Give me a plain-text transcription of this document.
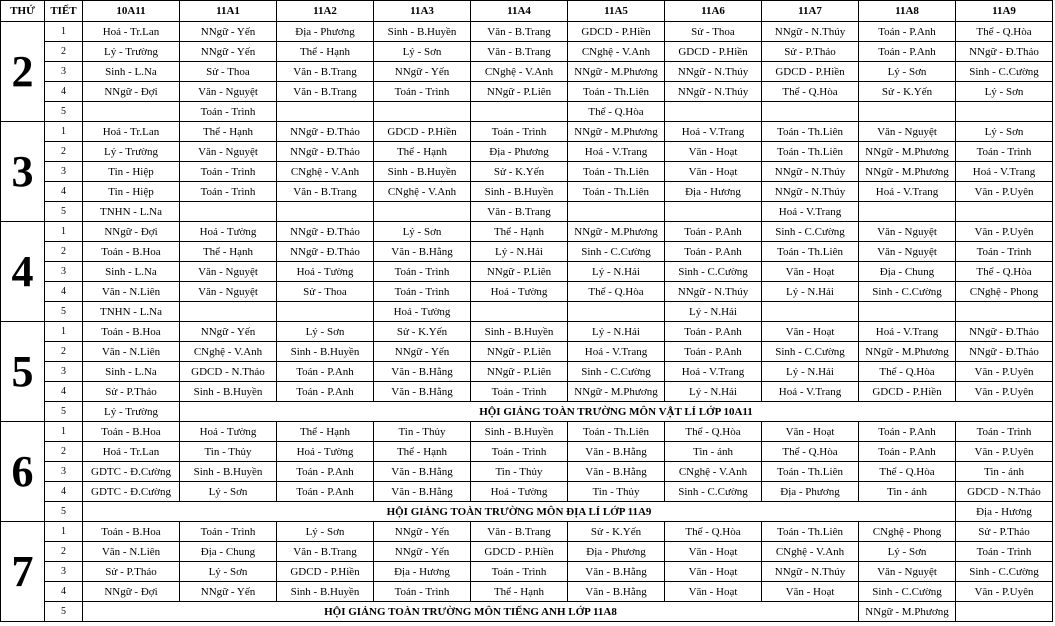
THỨ	TIẾT	10A11	11A1	11A2	11A3	11A4	11A5	11A6	11A7	11A8	11A9
2	1	Hoá - Tr.Lan	NNgữ - Yến	Địa - Phương	Sinh - B.Huyền	Văn - B.Trang	GDCD - P.Hiền	Sử - Thoa	NNgữ - N.Thúy	Toán - P.Anh	Thể - Q.Hòa
	2	Lý - Trường	NNgữ - Yến	Thể - Hạnh	Lý - Sơn	Văn - B.Trang	CNghệ - V.Anh	GDCD - P.Hiền	Sử - P.Thảo	Toán - P.Anh	NNgữ - Đ.Thảo
	3	Sinh - L.Na	Sử - Thoa	Văn - B.Trang	NNgữ - Yến	CNghệ - V.Anh	NNgữ - M.Phương	NNgữ - N.Thúy	GDCD - P.Hiền	Lý - Sơn	Sinh - C.Cường
	4	NNgữ - Đợi	Văn - Nguyệt	Văn - B.Trang	Toán - Trình	NNgữ - P.Liên	Toán - Th.Liên	NNgữ - N.Thúy	Thể - Q.Hòa	Sử - K.Yến	Lý - Sơn
	5		Toán - Trình				Thể - Q.Hòa				
3	1	Hoá - Tr.Lan	Thể - Hạnh	NNgữ - Đ.Thảo	GDCD - P.Hiền	Toán - Trình	NNgữ - M.Phương	Hoá - V.Trang	Toán - Th.Liên	Văn - Nguyệt	Lý - Sơn
	2	Lý - Trường	Văn - Nguyệt	NNgữ - Đ.Thảo	Thể - Hạnh	Địa - Phương	Hoá - V.Trang	Văn - Hoạt	Toán - Th.Liên	NNgữ - M.Phương	Toán - Trình
	3	Tin - Hiệp	Toán - Trình	CNghệ - V.Anh	Sinh - B.Huyền	Sử - K.Yến	Toán - Th.Liên	Văn - Hoạt	NNgữ - N.Thúy	NNgữ - M.Phương	Hoá - V.Trang
	4	Tin - Hiệp	Toán - Trình	Văn - B.Trang	CNghệ - V.Anh	Sinh - B.Huyền	Toán - Th.Liên	Địa - Hương	NNgữ - N.Thúy	Hoá - V.Trang	Văn - P.Uyên
	5	TNHN - L.Na				Văn - B.Trang			Hoá - V.Trang		
4	1	NNgữ - Đợi	Hoá - Tường	NNgữ - Đ.Thảo	Lý - Sơn	Thể - Hạnh	NNgữ - M.Phương	Toán - P.Anh	Sinh - C.Cường	Văn - Nguyệt	Văn - P.Uyên
	2	Toán - B.Hoa	Thể - Hạnh	NNgữ - Đ.Thảo	Văn - B.Hằng	Lý - N.Hải	Sinh - C.Cường	Toán - P.Anh	Toán - Th.Liên	Văn - Nguyệt	Toán - Trình
	3	Sinh - L.Na	Văn - Nguyệt	Hoá - Tường	Toán - Trình	NNgữ - P.Liên	Lý - N.Hải	Sinh - C.Cường	Văn - Hoạt	Địa - Chung	Thể - Q.Hòa
	4	Văn - N.Liên	Văn - Nguyệt	Sử - Thoa	Toán - Trình	Hoá - Tường	Thể - Q.Hòa	NNgữ - N.Thúy	Lý - N.Hải	Sinh - C.Cường	CNghệ - Phong
	5	TNHN - L.Na			Hoá - Tường			Lý - N.Hải			
5	1	Toán - B.Hoa	NNgữ - Yến	Lý - Sơn	Sử - K.Yến	Sinh - B.Huyền	Lý - N.Hải	Toán - P.Anh	Văn - Hoạt	Hoá - V.Trang	NNgữ - Đ.Thảo
	2	Văn - N.Liên	CNghệ - V.Anh	Sinh - B.Huyền	NNgữ - Yến	NNgữ - P.Liên	Hoá - V.Trang	Toán - P.Anh	Sinh - C.Cường	NNgữ - M.Phương	NNgữ - Đ.Thảo
	3	Sinh - L.Na	GDCD - N.Thảo	Toán - P.Anh	Văn - B.Hằng	NNgữ - P.Liên	Sinh - C.Cường	Hoá - V.Trang	Lý - N.Hải	Thể - Q.Hòa	Văn - P.Uyên
	4	Sử - P.Thảo	Sinh - B.Huyền	Toán - P.Anh	Văn - B.Hằng	Toán - Trình	NNgữ - M.Phương	Lý - N.Hải	Hoá - V.Trang	GDCD - P.Hiền	Văn - P.Uyên
	5	Lý - Trường	HỘI GIẢNG TOÀN TRƯỜNG MÔN VẬT LÍ LỚP 10A11								
6	1	Toán - B.Hoa	Hoá - Tường	Thể - Hạnh	Tin - Thủy	Sinh - B.Huyền	Toán - Th.Liên	Thể - Q.Hòa	Văn - Hoạt	Toán - P.Anh	Toán - Trình
	2	Hoá - Tr.Lan	Tin - Thủy	Hoá - Tường	Thể - Hạnh	Toán - Trình	Văn - B.Hằng	Tin - ánh	Thể - Q.Hòa	Toán - P.Anh	Văn - P.Uyên
	3	GDTC - Đ.Cường	Sinh - B.Huyền	Toán - P.Anh	Văn - B.Hằng	Tin - Thủy	Văn - B.Hằng	CNghệ - V.Anh	Toán - Th.Liên	Thể - Q.Hòa	Tin - ánh
	4	GDTC - Đ.Cường	Lý - Sơn	Toán - P.Anh	Văn - B.Hằng	Hoá - Tường	Tin - Thủy	Sinh - C.Cường	Địa - Phương	Tin - ánh	GDCD - N.Thảo
	5	HỘI GIẢNG TOÀN TRƯỜNG MÔN ĐỊA LÍ LỚP 11A9									Địa - Hương
7	1	Toán - B.Hoa	Toán - Trình	Lý - Sơn	NNgữ - Yến	Văn - B.Trang	Sử - K.Yến	Thể - Q.Hòa	Toán - Th.Liên	CNghệ - Phong	Sử - P.Thảo
	2	Văn - N.Liên	Địa - Chung	Văn - B.Trang	NNgữ - Yến	GDCD - P.Hiền	Địa - Phương	Văn - Hoạt	CNghệ - V.Anh	Lý - Sơn	Toán - Trình
	3	Sử - P.Thảo	Lý - Sơn	GDCD - P.Hiền	Địa - Hương	Toán - Trình	Văn - B.Hằng	Văn - Hoạt	NNgữ - N.Thúy	Văn - Nguyệt	Sinh - C.Cường
	4	NNgữ - Đợi	NNgữ - Yến	Sinh - B.Huyền	Toán - Trình	Thể - Hạnh	Văn - B.Hằng	Văn - Hoạt	Văn - Hoạt	Sinh - C.Cường	Văn - P.Uyên
	5	HỘI GIẢNG TOÀN TRƯỜNG MÔN TIẾNG ANH LỚP 11A8								NNgữ - M.Phương	
